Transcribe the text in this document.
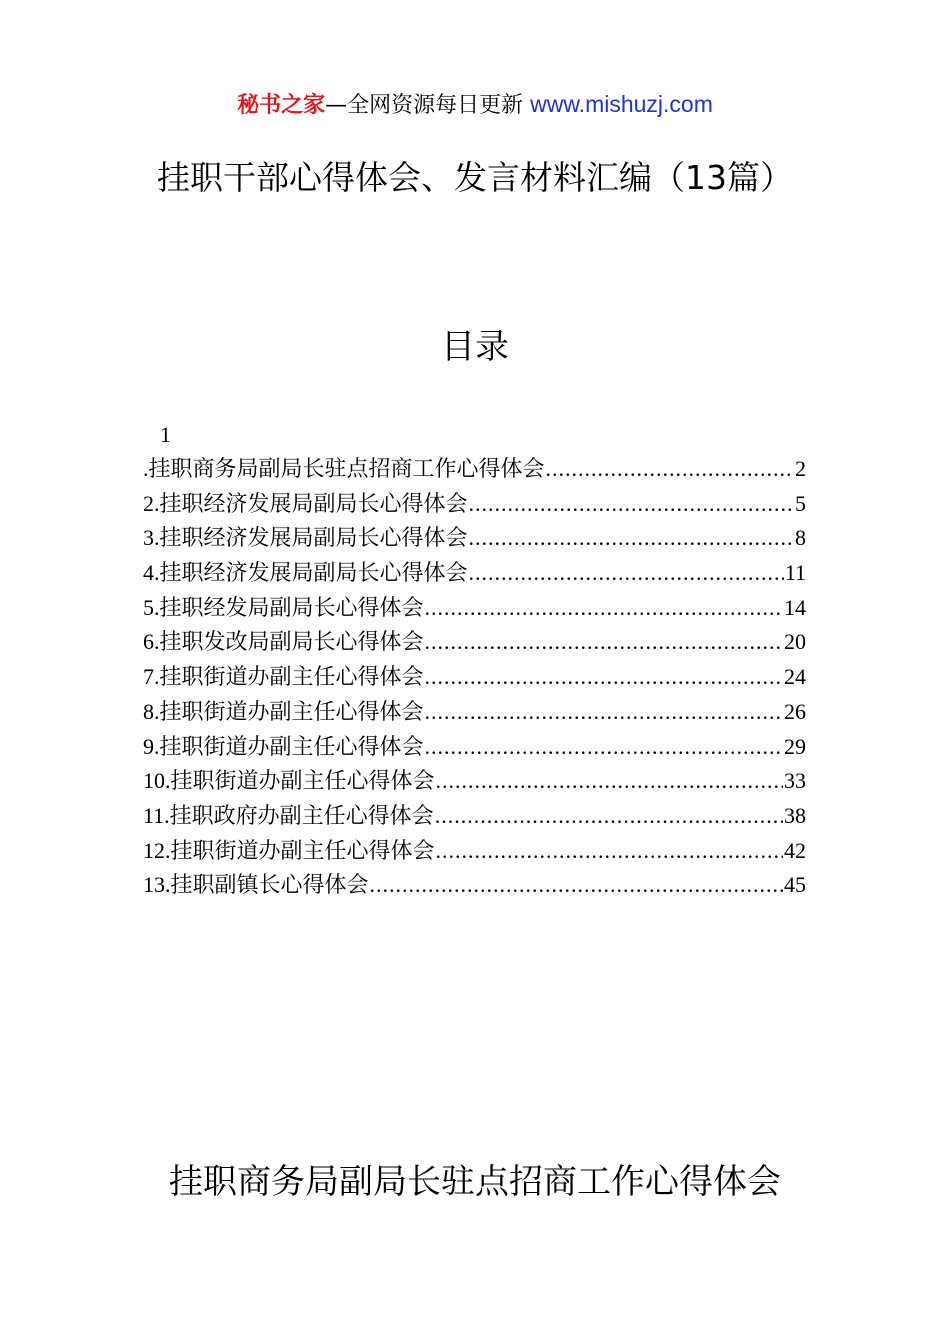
秘书之家—全网资源每日更新 www.mishuzj.com
挂职干部心得体会、发言材料汇编（13篇）
目录
1
.挂职商务局副局长驻点招商工作心得体会 .....	2
2.挂职经济发展局副局长心得体会 .....	5
3.挂职经济发展局副局长心得体会 .....	8
4.挂职经济发展局副局长心得体会 .....	11
5.挂职经发局副局长心得体会 .....	14
6.挂职发改局副局长心得体会 .....	20
7.挂职街道办副主任心得体会 .....	24
8.挂职街道办副主任心得体会 .....	26
9.挂职街道办副主任心得体会 .....	29
10.挂职街道办副主任心得体会 .....	33
11.挂职政府办副主任心得体会 .....	38
12.挂职街道办副主任心得体会 .....	42
13.挂职副镇长心得体会 .....	45
挂职商务局副局长驻点招商工作心得体会
